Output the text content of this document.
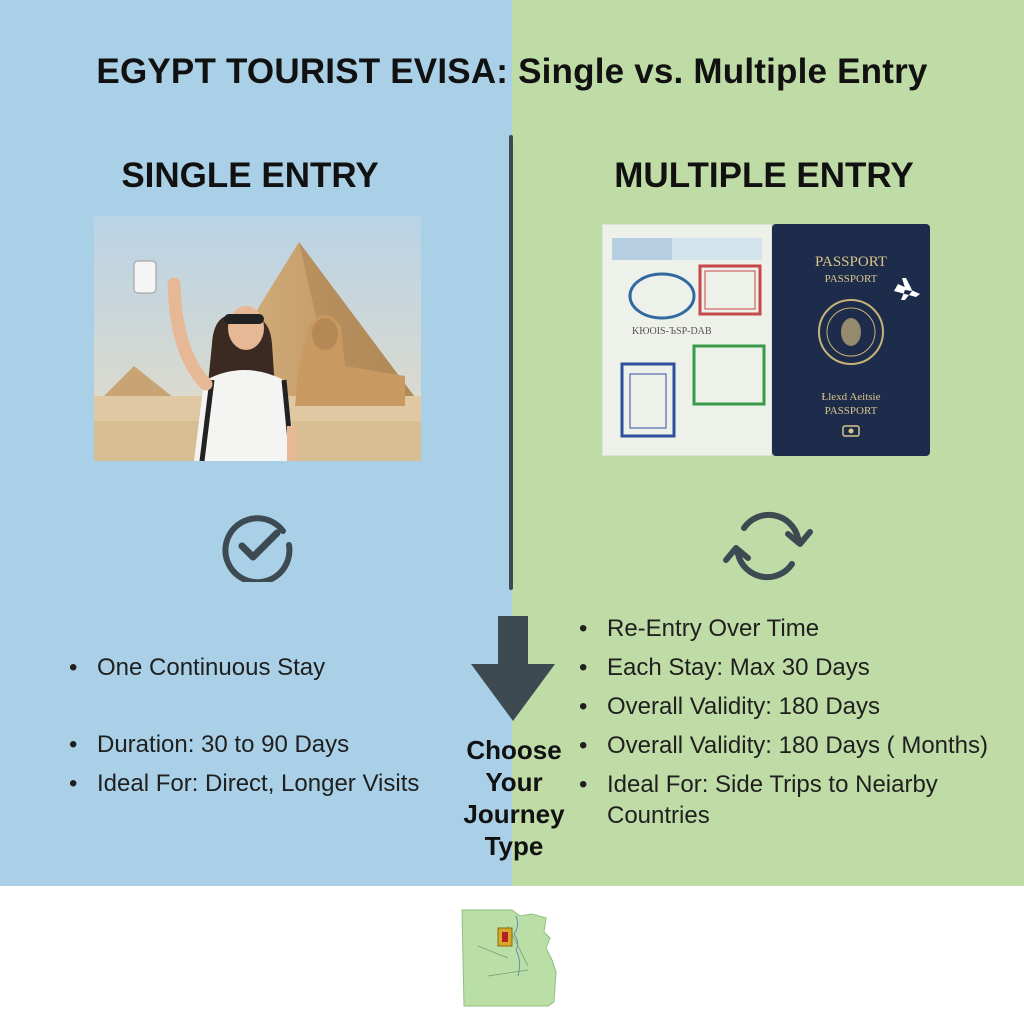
EGYPT TOURIST EVISA: Single vs. Multiple Entry
SINGLE ENTRY	MULTIPLE ENTRY
KЮOIS-ЪSP-DAB
PASSPORT
PASSPORT
Ɫlexd Aeitsie
PASSPORT
• One Continuous Stay
• Duration: 30 to 90 Days
• Ideal For: Direct, Longer Visits
• Re-Entry Over Time
• Each Stay: Max 30 Days
• Overall Validity: 180 Days
• Overall Validity: 180 Days ( Months)
• Ideal For: Side Trips to Neiarby
Countries
Choose
Your
Journey
Type
